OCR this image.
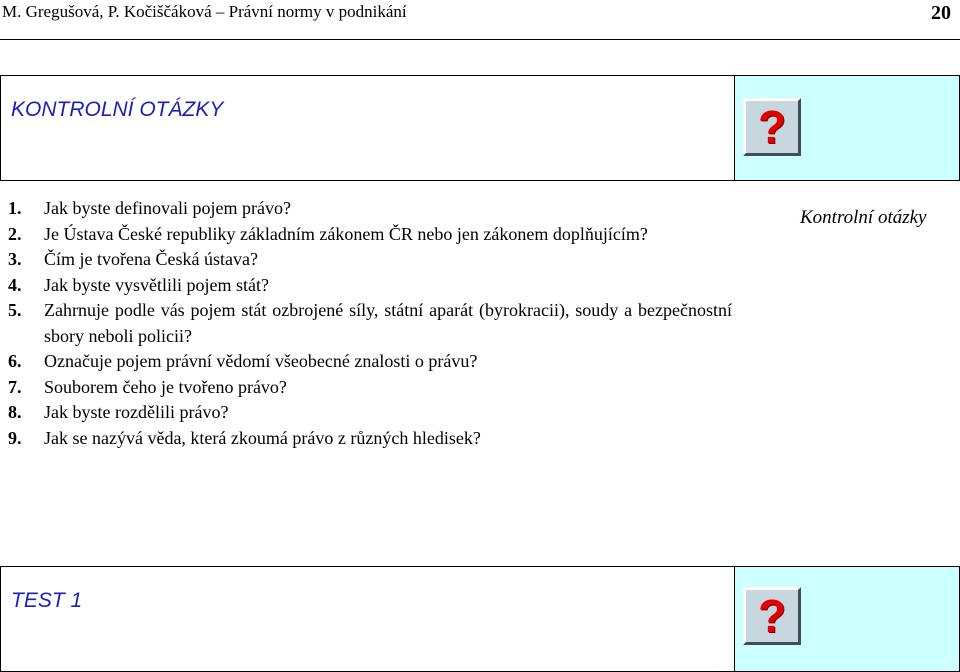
M. Gregušová, P. Kočiščáková – Právní normy v podnikání	20
KONTROLNÍ OTÁZKY	?
Kontrolní otázky
1. Jak byste definovali pojem právo?
2. Je Ústava České republiky základním zákonem ČR nebo jen zákonem doplňujícím?
3. Čím je tvořena Česká ústava?
4. Jak byste vysvětlili pojem stát?
5. Zahrnuje podle vás pojem stát ozbrojené síly, státní aparát (byrokracii), soudy a bezpečnostní sbory neboli policii?
6. Označuje pojem právní vědomí všeobecné znalosti o právu?
7. Souborem čeho je tvořeno právo?
8. Jak byste rozdělili právo?
9. Jak se nazývá věda, která zkoumá právo z různých hledisek?
TEST 1	?
